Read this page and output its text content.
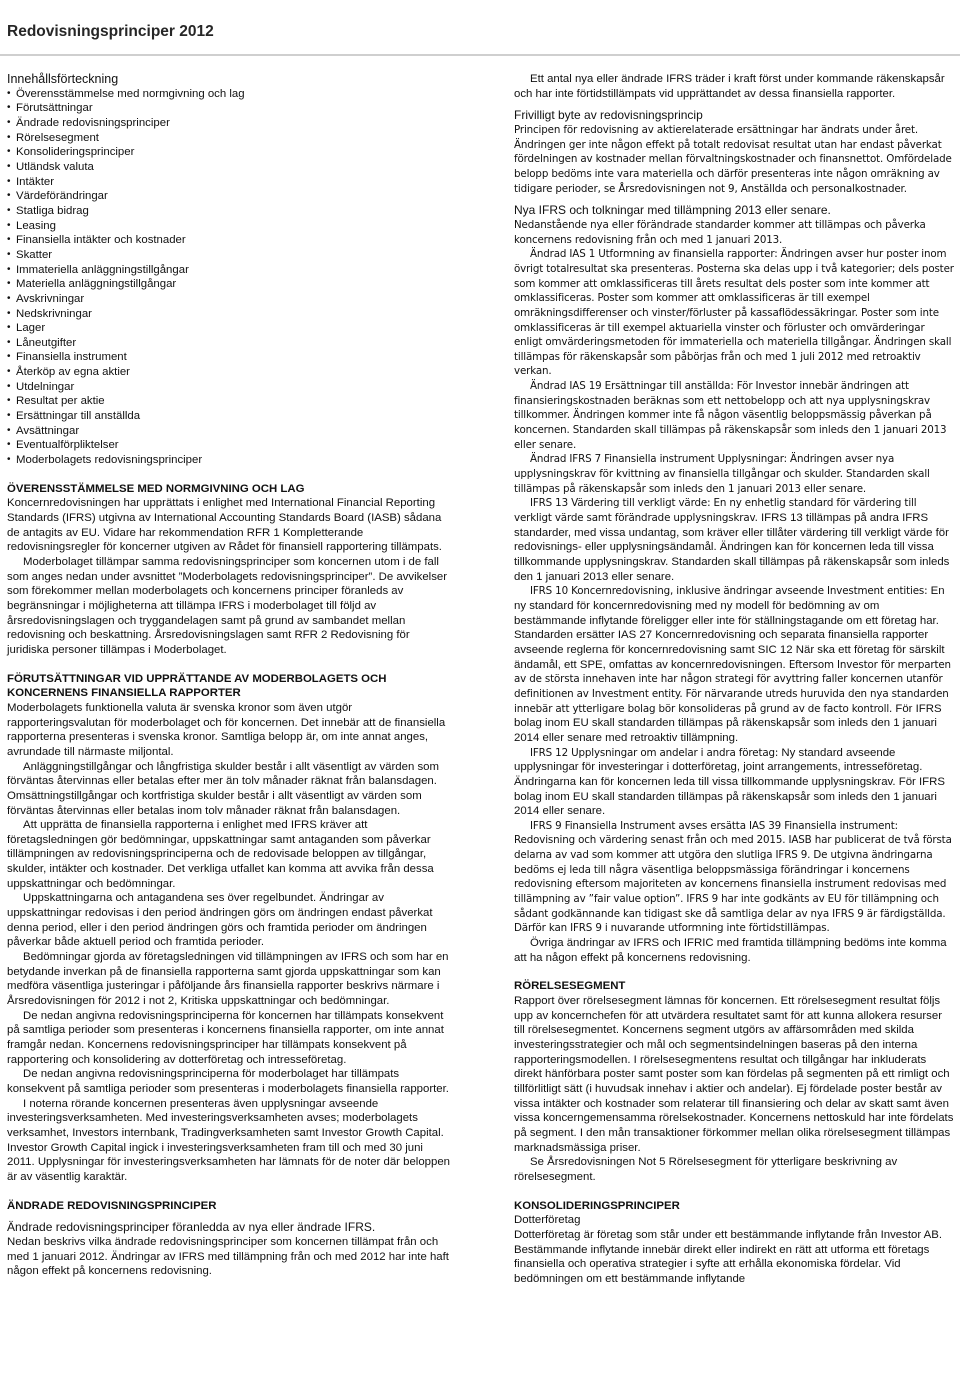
Redovisningsprinciper 2012

Innehållsförteckning

• Överensstämmelse med normgivning och lag
• Förutsättningar
• Ändrade redovisningsprinciper
• Rörelsesegment
• Konsolideringsprinciper
• Utländsk valuta
• Intäkter
• Värdeförändringar
• Statliga bidrag
• Leasing
• Finansiella intäkter och kostnader
• Skatter
• Immateriella anläggningstillgångar
• Materiella anläggningstillgångar
• Avskrivningar
• Nedskrivningar
• Lager
• Låneutgifter
• Finansiella instrument
• Återköp av egna aktier
• Utdelningar
• Resultat per aktie
• Ersättningar till anställda
• Avsättningar
• Eventualförpliktelser
• Moderbolagets redovisningsprinciper

ÖVERENSSTÄMMELSE MED NORMGIVNING OCH LAG

Koncernredovisningen har upprättats i enlighet med International Financial Reporting Standards (IFRS) utgivna av International Accounting Standards Board (IASB) sådana de antagits av EU. Vidare har rekommendation RFR 1 Kompletterande redovisningsregler för koncerner utgiven av Rådet för finansiell rapportering tillämpats.

Moderbolaget tillämpar samma redovisningsprinciper som koncernen utom i de fall som anges nedan under avsnittet ”Moderbolagets redovisningsprinciper”. De avvikelser som förekommer mellan moderbolagets och koncernens principer föranleds av begränsningar i möjligheterna att tillämpa IFRS i moderbolaget till följd av årsredovisningslagen och tryggandelagen samt på grund av sambandet mellan redovisning och beskattning. Årsredovisningslagen samt RFR 2 Redovisning för juridiska personer tillämpas i Moderbolaget.

FÖRUTSÄTTNINGAR VID UPPRÄTTANDE AV MODERBOLAGETS OCH KONCERNENS FINANSIELLA RAPPORTER

Moderbolagets funktionella valuta är svenska kronor som även utgör rapporteringsvalutan för moderbolaget och för koncernen. Det innebär att de finansiella rapporterna presenteras i svenska kronor. Samtliga belopp är, om inte annat anges, avrundade till närmaste miljontal.

Anläggningstillgångar och långfristiga skulder består i allt väsentligt av värden som förväntas återvinnas eller betalas efter mer än tolv månader räknat från balansdagen. Omsättningstillgångar och kortfristiga skulder består i allt väsentligt av värden som förväntas återvinnas eller betalas inom tolv månader räknat från balansdagen.

Att upprätta de finansiella rapporterna i enlighet med IFRS kräver att företagsledningen gör bedömningar, uppskattningar samt antaganden som påverkar tillämpningen av redovisningsprinciperna och de redovisade beloppen av tillgångar, skulder, intäkter och kostnader. Det verkliga utfallet kan komma att avvika från dessa uppskattningar och bedömningar.

Uppskattningarna och antagandena ses över regelbundet. Ändringar av uppskattningar redovisas i den period ändringen görs om ändringen endast påverkat denna period, eller i den period ändringen görs och framtida perioder om ändringen påverkar både aktuell period och framtida perioder.

Bedömningar gjorda av företagsledningen vid tillämpningen av IFRS och som har en betydande inverkan på de finansiella rapporterna samt gjorda uppskattningar som kan medföra väsentliga justeringar i påföljande års finansiella rapporter beskrivs närmare i Årsredovisningen för 2012 i not 2, Kritiska uppskattningar och bedömningar.

De nedan angivna redovisningsprinciperna för koncernen har tillämpats konsekvent på samtliga perioder som presenteras i koncernens finansiella rapporter, om inte annat framgår nedan. Koncernens redovisningsprinciper har tillämpats konsekvent på rapportering och konsolidering av dotterföretag och intresseföretag.

De nedan angivna redovisningsprinciperna för moderbolaget har tillämpats konsekvent på samtliga perioder som presenteras i moderbolagets finansiella rapporter.

I noterna rörande koncernen presenteras även upplysningar avseende investeringsverksamheten. Med investeringsverksamheten avses; moderbolagets verksamhet, Investors internbank, Tradingverksamheten samt Investor Growth Capital. Investor Growth Capital ingick i investeringsverksamheten fram till och med 30 juni 2011. Upplysningar för investeringsverksamheten har lämnats för de noter där beloppen är av väsentlig karaktär.

ÄNDRADE REDOVISNINGSPRINCIPER

Ändrade redovisningsprinciper föranledda av nya eller ändrade IFRS.

Nedan beskrivs vilka ändrade redovisningsprinciper som koncernen tillämpat från och med 1 januari 2012. Ändringar av IFRS med tillämpning från och med 2012 har inte haft någon effekt på koncernens redovisning.

Ett antal nya eller ändrade IFRS träder i kraft först under kommande räkenskapsår och har inte förtidstillämpats vid upprättandet av dessa finansiella rapporter.

Frivilligt byte av redovisningsprincip

Principen för redovisning av aktierelaterade ersättningar har ändrats under året. Ändringen ger inte någon effekt på totalt redovisat resultat utan har endast påverkat fördelningen av kostnader mellan förvaltningskostnader och finansnettot. Omfördelade belopp bedöms inte vara materiella och därför presenteras inte någon omräkning av tidigare perioder, se Årsredovisningen not 9, Anställda och personalkostnader.

Nya IFRS och tolkningar med tillämpning 2013 eller senare.

Nedanstående nya eller förändrade standarder kommer att tillämpas och påverka koncernens redovisning från och med 1 januari 2013.

Ändrad IAS 1 Utformning av finansiella rapporter: Ändringen avser hur poster inom övrigt totalresultat ska presenteras. Posterna ska delas upp i två kategorier; dels poster som kommer att omklassificeras till årets resultat dels poster som inte kommer att omklassificeras. Poster som kommer att omklassificeras är till exempel omräkningsdifferenser och vinster/förluster på kassaflödessäkringar. Poster som inte omklassificeras är till exempel aktuariella vinster och förluster och omvärderingar enligt omvärderingsmetoden för immateriella och materiella tillgångar. Ändringen skall tillämpas för räkenskapsår som påbörjas från och med 1 juli 2012 med retroaktiv verkan.

Ändrad IAS 19 Ersättningar till anställda: För Investor innebär ändringen att finansieringskostnaden beräknas som ett nettobelopp och att nya upplysningskrav tillkommer. Ändringen kommer inte få någon väsentlig beloppsmässig påverkan på koncernen. Standarden skall tillämpas på räkenskapsår som inleds den 1 januari 2013 eller senare.

Ändrad IFRS 7 Finansiella instrument Upplysningar: Ändringen avser nya upplysningskrav för kvittning av finansiella tillgångar och skulder. Standarden skall tillämpas på räkenskapsår som inleds den 1 januari 2013 eller senare.

IFRS 13 Värdering till verkligt värde: En ny enhetlig standard för värdering till verkligt värde samt förändrade upplysningskrav. IFRS 13 tillämpas på andra IFRS standarder, med vissa undantag, som kräver eller tillåter värdering till verkligt värde för redovisnings- eller upplysningsändamål. Ändringen kan för koncernen leda till vissa tillkommande upplysningskrav. Standarden skall tillämpas på räkenskapsår som inleds den 1 januari 2013 eller senare.

IFRS 10 Koncernredovisning, inklusive ändringar avseende Investment entities: En ny standard för koncernredovisning med ny modell för bedömning av om bestämmande inflytande föreligger eller inte för ställningstagande om ett företag har. Standarden ersätter IAS 27 Koncernredovisning och separata finansiella rapporter avseende reglerna för koncernredovisning samt SIC 12 När ska ett företag för särskilt ändamål, ett SPE, omfattas av koncernredovisningen. Eftersom Investor för merparten av de största innehaven inte har någon strategi för avyttring faller koncernen utanför definitionen av Investment entity. För närvarande utreds huruvida den nya standarden innebär att ytterligare bolag bör konsolideras på grund av de facto kontroll. För IFRS bolag inom EU skall standarden tillämpas på räkenskapsår som inleds den 1 januari 2014 eller senare med retroaktiv tillämpning.

IFRS 12 Upplysningar om andelar i andra företag: Ny standard avseende upplysningar för investeringar i dotterföretag, joint arrangements, intresseföretag. Ändringarna kan för koncernen leda till vissa tillkommande upplysningskrav. För IFRS bolag inom EU skall standarden tillämpas på räkenskapsår som inleds den 1 januari 2014 eller senare.

IFRS 9 Finansiella Instrument avses ersätta IAS 39 Finansiella instrument: Redovisning och värdering senast från och med 2015. IASB har publicerat de två första delarna av vad som kommer att utgöra den slutliga IFRS 9. De utgivna ändringarna bedöms ej leda till några väsentliga beloppsmässiga förändringar i koncernens redovisning eftersom majoriteten av koncernens finansiella instrument redovisas med tillämpning av ”fair value option”. IFRS 9 har inte godkänts av EU för tillämpning och sådant godkännande kan tidigast ske då samtliga delar av nya IFRS 9 är färdigställda. Därför kan IFRS 9 i nuvarande utformning inte förtidstillämpas.

Övriga ändringar av IFRS och IFRIC med framtida tillämpning bedöms inte komma att ha någon effekt på koncernens redovisning.

RÖRELSESEGMENT

Rapport över rörelsesegment lämnas för koncernen. Ett rörelsesegment resultat följs upp av koncernchefen för att utvärdera resultatet samt för att kunna allokera resurser till rörelsesegmentet. Koncernens segment utgörs av affärsområden med skilda investeringsstrategier och mål och segmentsindelningen baseras på den interna rapporteringsmodellen. I rörelsesegmentens resultat och tillgångar har inkluderats direkt hänförbara poster samt poster som kan fördelas på segmenten på ett rimligt och tillförlitligt sätt (i huvudsak innehav i aktier och andelar). Ej fördelade poster består av vissa intäkter och kostnader som relaterar till finansiering och delar av skatt samt även vissa koncerngemensamma rörelsekostnader. Koncernens nettoskuld har inte fördelats på segment. I den mån transaktioner förkommer mellan olika rörelsesegment tillämpas marknadsmässiga priser.

Se Årsredovisningen Not 5 Rörelsesegment för ytterligare beskrivning av rörelsesegment.

KONSOLIDERINGSPRINCIPER

Dotterföretag

Dotterföretag är företag som står under ett bestämmande inflytande från Investor AB. Bestämmande inflytande innebär direkt eller indirekt en rätt att utforma ett företags finansiella och operativa strategier i syfte att erhålla ekonomiska fördelar. Vid bedömningen om ett bestämmande inflytande
